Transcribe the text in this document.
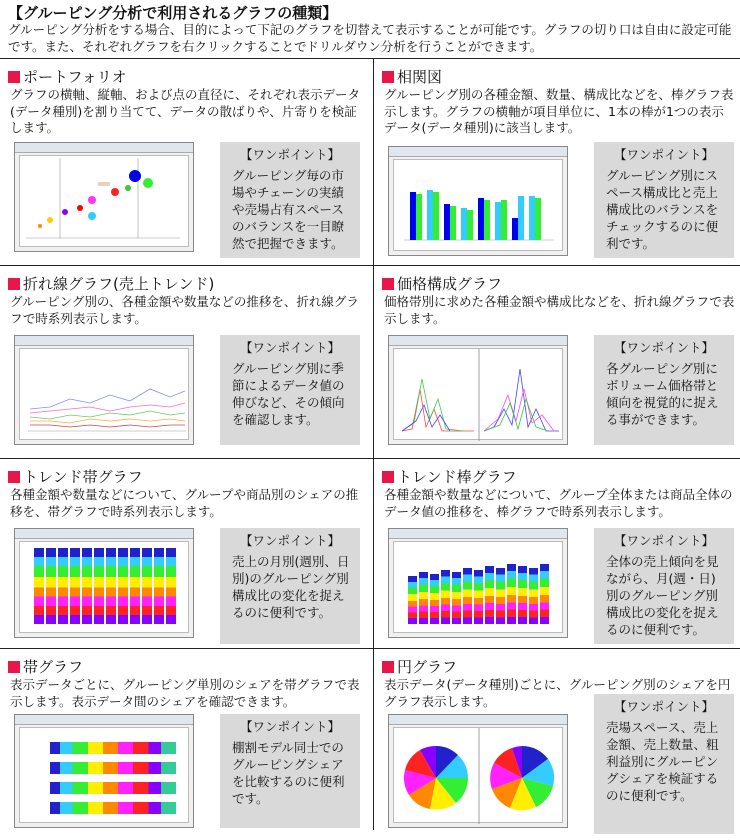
【グルーピング分析で利用されるグラフの種類】
グルーピング分析をする場合、目的によって下記のグラフを切替えて表示することが可能です。グラフの切り口は自由に設定可能です。また、それぞれグラフを右クリックすることでドリルダウン分析を行うことができます。
ポートフォリオ
グラフの横軸、縦軸、および点の直径に、それぞれ表示データ(データ種別)を割り当てて、データの散ばりや、片寄りを検証します。
【ワンポイント】
グルーピング毎の市場やチェーンの実績や売場占有スペースのバランスを一目瞭然で把握できます。
相関図
グルーピング別の各種金額、数量、構成比などを、棒グラフ表示します。グラフの横軸が項目単位に、1本の棒が1つの表示データ(データ種別)に該当します。
【ワンポイント】
グルーピング別にスペース構成比と売上構成比のバランスをチェックするのに便利です。
折れ線グラフ(売上トレンド)
グルーピング別の、各種金額や数量などの推移を、折れ線グラフで時系列表示します。
【ワンポイント】
グルーピング別に季節によるデータ値の伸びなど、その傾向を確認します。
価格構成グラフ
価格帯別に求めた各種金額や構成比などを、折れ線グラフで表示します。
【ワンポイント】
各グルーピング別にボリューム価格帯と傾向を視覚的に捉える事ができます。
トレンド帯グラフ
各種金額や数量などについて、グループや商品別のシェアの推移を、帯グラフで時系列表示します。
【ワンポイント】
売上の月別(週別、日別)のグルーピング別構成比の変化を捉えるのに便利です。
トレンド棒グラフ
各種金額や数量などについて、グループ全体または商品全体のデータ値の推移を、棒グラフで時系列表示します。
【ワンポイント】
全体の売上傾向を見ながら、月(週・日)別のグルーピング別構成比の変化を捉えるのに便利です。
帯グラフ
表示データごとに、グルーピング単別のシェアを帯グラフで表示します。表示データ間のシェアを確認できます。
【ワンポイント】
棚割モデル同士でのグルーピングシェアを比較するのに便利です。
円グラフ
表示データ(データ種別)ごとに、グルーピング別のシェアを円グラフ表示します。	【ワンポイント】
売場スペース、売上金額、売上数量、粗利益別にグルーピングシェアを検証するのに便利です。
